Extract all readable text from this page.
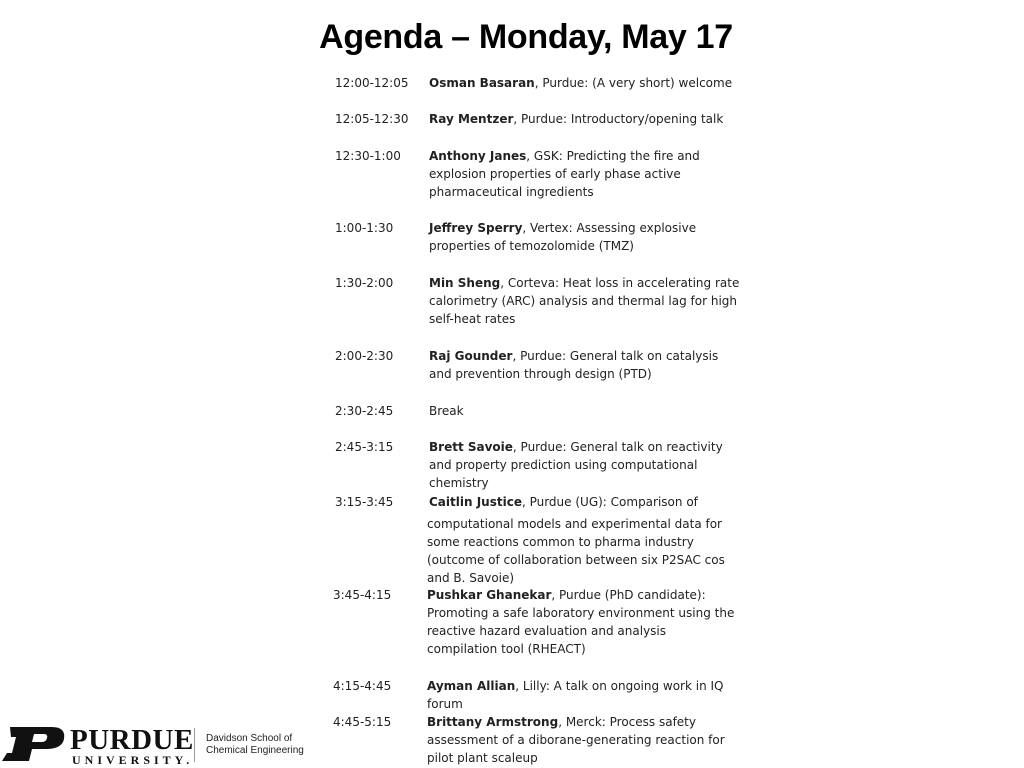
Agenda – Monday, May 17
12:00-12:05	Osman Basaran, Purdue: (A very short) welcome
12:05-12:30	Ray Mentzer, Purdue: Introductory/opening talk
12:30-1:00	Anthony Janes, GSK: Predicting the fire and explosion properties of early phase active pharmaceutical ingredients
1:00-1:30	Jeffrey Sperry, Vertex: Assessing explosive properties of temozolomide (TMZ)
1:30-2:00	Min Sheng, Corteva: Heat loss in accelerating rate calorimetry (ARC) analysis and thermal lag for high self-heat rates
2:00-2:30	Raj Gounder, Purdue: General talk on catalysis and prevention through design (PTD)
2:30-2:45	Break
2:45-3:15	Brett Savoie, Purdue: General talk on reactivity and property prediction using computational chemistry
3:15-3:45	Caitlin Justice, Purdue (UG): Comparison of
computational models and experimental data for some reactions common to pharma industry (outcome of collaboration between six P2SAC cos and B. Savoie)
3:45-4:15	Pushkar Ghanekar, Purdue (PhD candidate): Promoting a safe laboratory environment using the reactive hazard evaluation and analysis compilation tool (RHEACT)
4:15-4:45	Ayman Allian, Lilly: A talk on ongoing work in IQ forum
4:45-5:15	Brittany Armstrong, Merck: Process safety assessment of a diborane-generating reaction for pilot plant scaleup
PURDUE
UNIVERSITY.
Davidson School of
Chemical Engineering
